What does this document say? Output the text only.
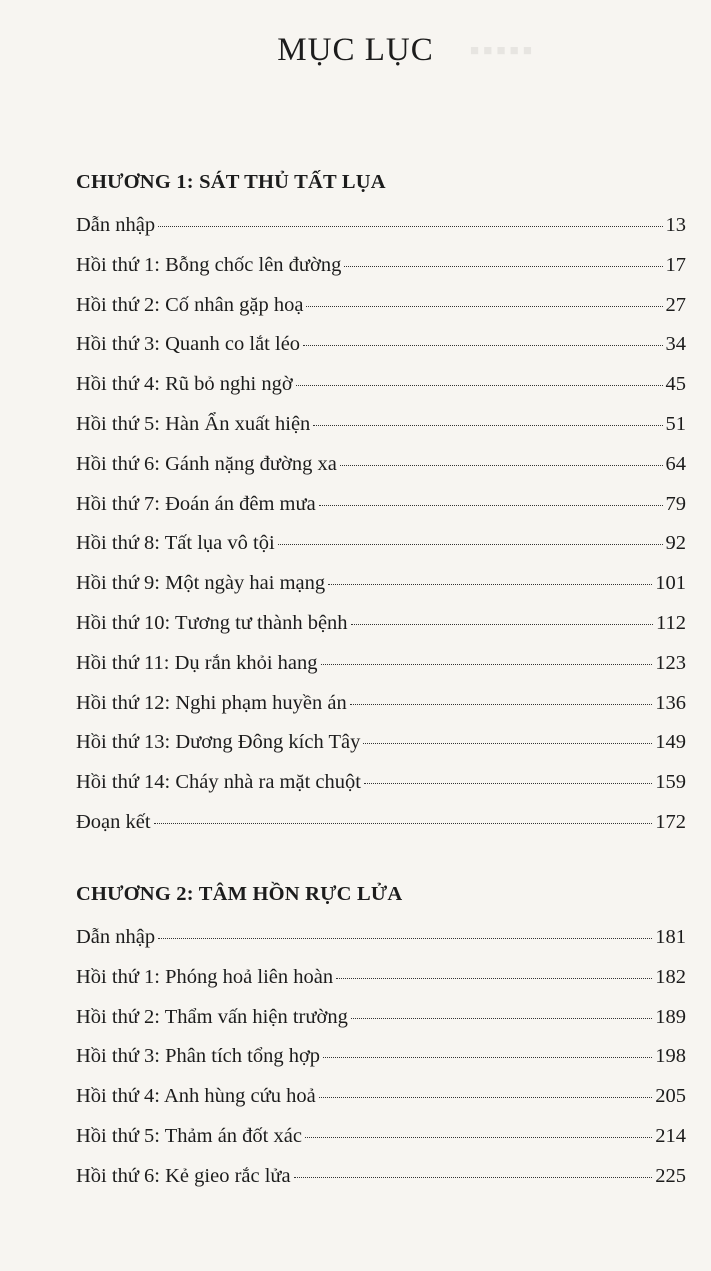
■ ■ ■ ■ ■
MỤC LỤC
CHƯƠNG 1: SÁT THỦ TẤT LỤA
Dẫn nhập	13
Hồi thứ 1: Bỗng chốc lên đường	17
Hồi thứ 2: Cố nhân gặp hoạ	27
Hồi thứ 3: Quanh co lắt léo	34
Hồi thứ 4: Rũ bỏ nghi ngờ	45
Hồi thứ 5: Hàn Ẩn xuất hiện	51
Hồi thứ 6: Gánh nặng đường xa	64
Hồi thứ 7: Đoán án đêm mưa	79
Hồi thứ 8: Tất lụa vô tội	92
Hồi thứ 9: Một ngày hai mạng	101
Hồi thứ 10: Tương tư thành bệnh	112
Hồi thứ 11: Dụ rắn khỏi hang	123
Hồi thứ 12: Nghi phạm huyền án	136
Hồi thứ 13: Dương Đông kích Tây	149
Hồi thứ 14: Cháy nhà ra mặt chuột	159
Đoạn kết	172
CHƯƠNG 2: TÂM HỒN RỰC LỬA
Dẫn nhập	181
Hồi thứ 1: Phóng hoả liên hoàn	182
Hồi thứ 2: Thẩm vấn hiện trường	189
Hồi thứ 3: Phân tích tổng hợp	198
Hồi thứ 4: Anh hùng cứu hoả	205
Hồi thứ 5: Thảm án đốt xác	214
Hồi thứ 6: Kẻ gieo rắc lửa	225
